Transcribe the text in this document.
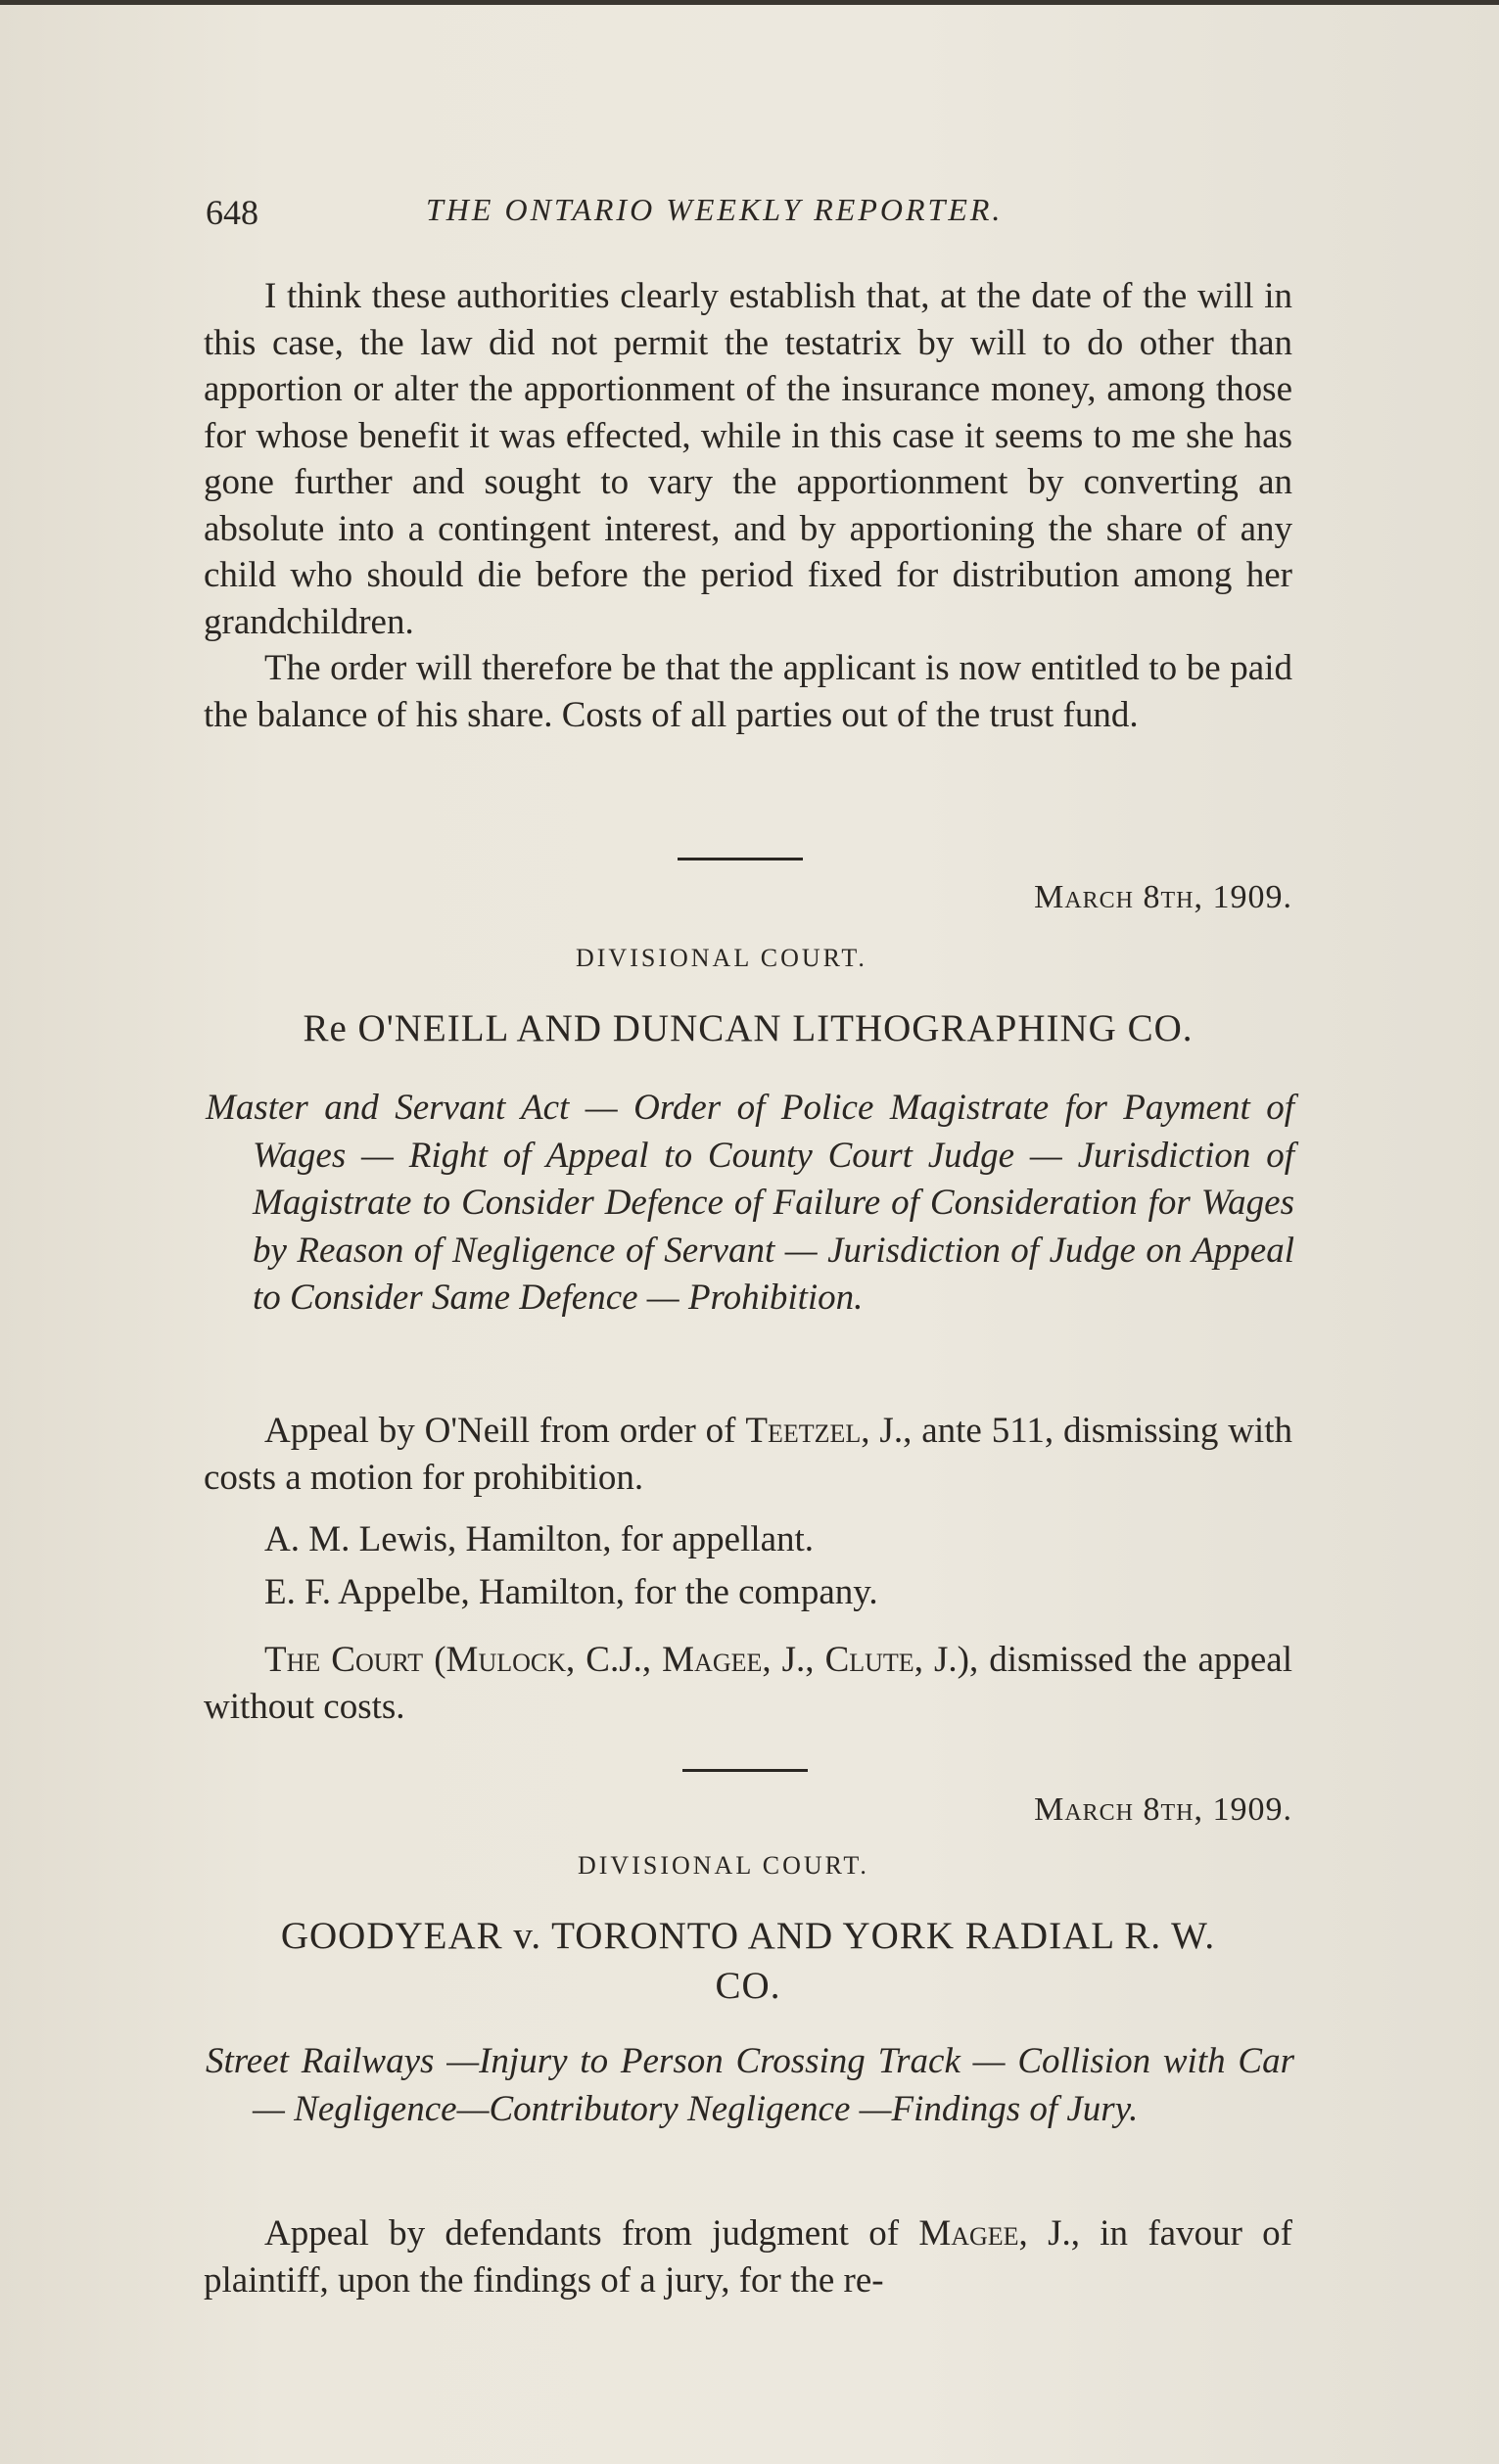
648	THE ONTARIO WEEKLY REPORTER.

I think these authorities clearly establish that, at the date of the will in this case, the law did not permit the testatrix by will to do other than apportion or alter the apportionment of the insurance money, among those for whose benefit it was effected, while in this case it seems to me she has gone further and sought to vary the apportionment by converting an absolute into a contingent interest, and by apportioning the share of any child who should die before the period fixed for distribution among her grandchildren.

The order will therefore be that the applicant is now entitled to be paid the balance of his share. Costs of all parties out of the trust fund.

March 8th, 1909.
DIVISIONAL COURT.
Re O'NEILL AND DUNCAN LITHOGRAPHING CO.
Master and Servant Act — Order of Police Magistrate for Payment of Wages — Right of Appeal to County Court Judge — Jurisdiction of Magistrate to Consider Defence of Failure of Consideration for Wages by Reason of Negligence of Servant — Jurisdiction of Judge on Appeal to Consider Same Defence — Prohibition.

Appeal by O'Neill from order of Teetzel, J., ante 511, dismissing with costs a motion for prohibition.

A. M. Lewis, Hamilton, for appellant.

E. F. Appelbe, Hamilton, for the company.

The Court (Mulock, C.J., Magee, J., Clute, J.), dismissed the appeal without costs.

March 8th, 1909.
DIVISIONAL COURT.
GOODYEAR v. TORONTO AND YORK RADIAL R. W.
CO.
Street Railways —Injury to Person Crossing Track — Collision with Car — Negligence—Contributory Negligence —Findings of Jury.

Appeal by defendants from judgment of Magee, J., in favour of plaintiff, upon the findings of a jury, for the re-
